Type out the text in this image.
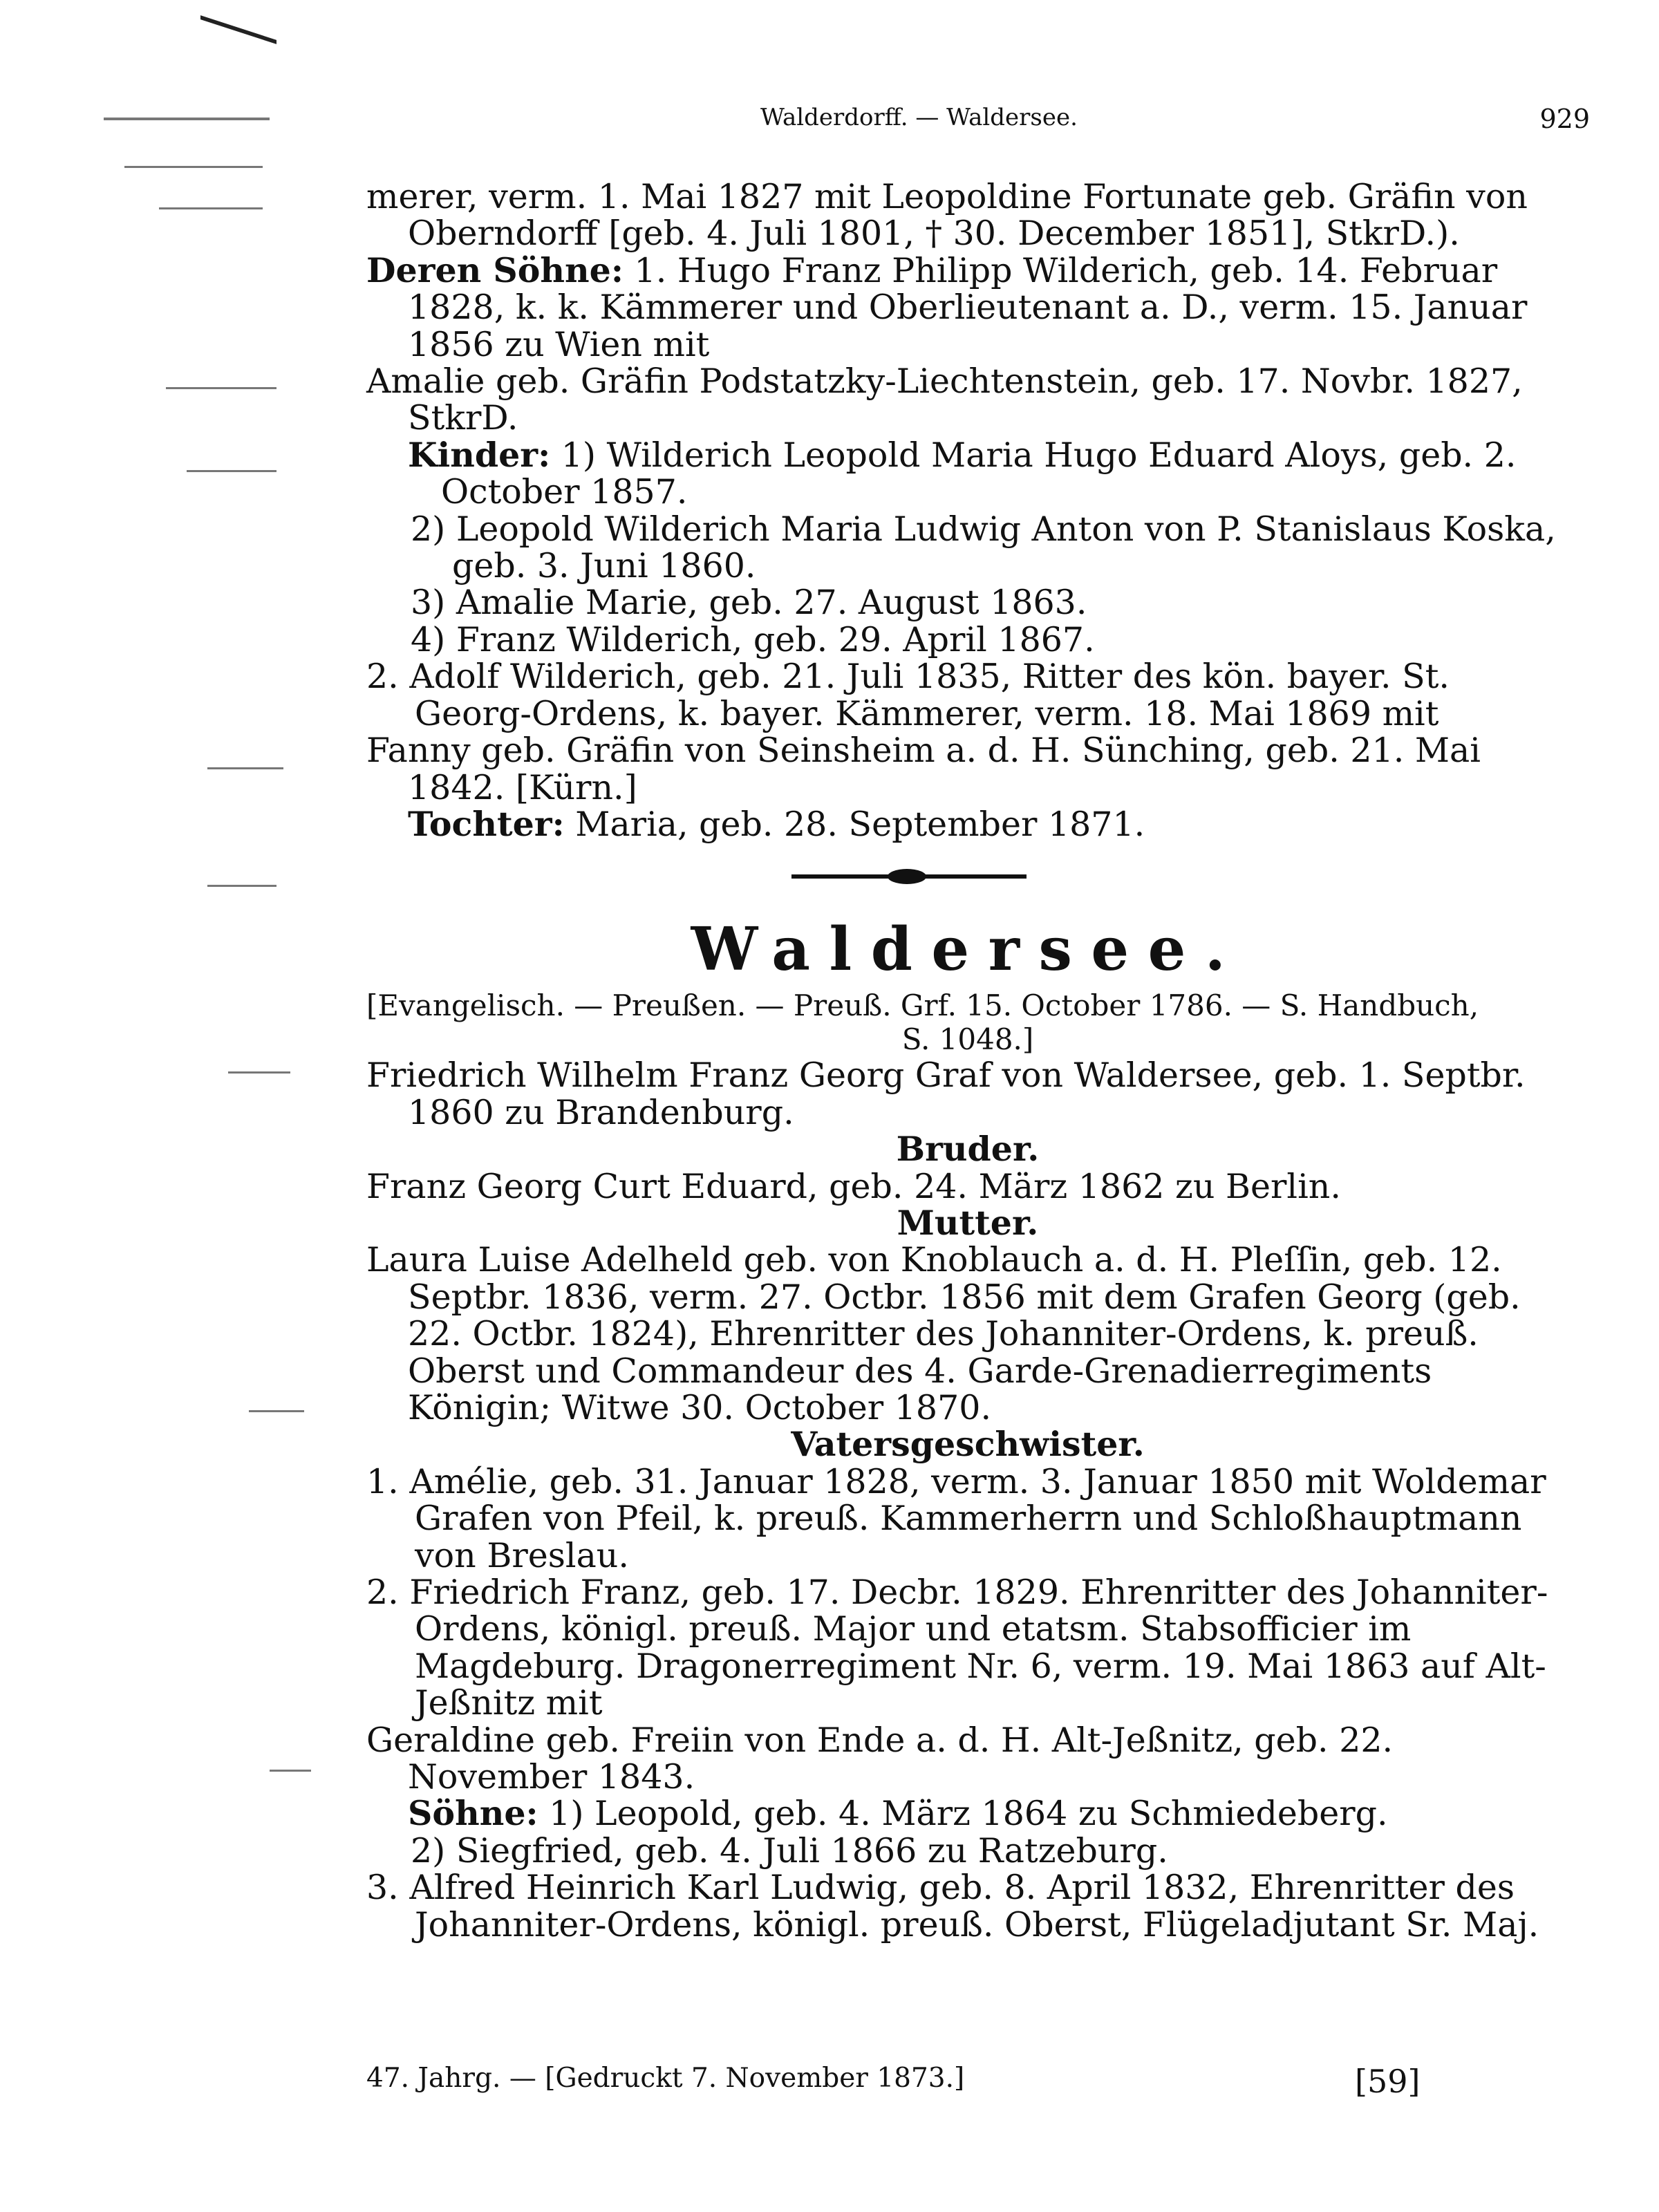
Walderdorff. — Waldersee.	929
merer, verm. 1. Mai 1827 mit Leopoldine Fortunate geb. Gräfin von Oberndorff [geb. 4. Juli 1801, † 30. December 1851], StkrD.).
Deren Söhne: 1. Hugo Franz Philipp Wilderich, geb. 14. Februar 1828, k. k. Kämmerer und Oberlieutenant a. D., verm. 15. Januar 1856 zu Wien mit
Amalie geb. Gräfin Podstatzky-Liechtenstein, geb. 17. Novbr. 1827, StkrD.
Kinder: 1) Wilderich Leopold Maria Hugo Eduard Aloys, geb. 2. October 1857.
2) Leopold Wilderich Maria Ludwig Anton von P. Stanislaus Koska, geb. 3. Juni 1860.
3) Amalie Marie, geb. 27. August 1863.
4) Franz Wilderich, geb. 29. April 1867.
2. Adolf Wilderich, geb. 21. Juli 1835, Ritter des kön. bayer. St. Georg-Ordens, k. bayer. Kämmerer, verm. 18. Mai 1869 mit
Fanny geb. Gräfin von Seinsheim a. d. H. Sünching, geb. 21. Mai 1842. [Kürn.]
Tochter: Maria, geb. 28. September 1871.
Waldersee.
[Evangelisch. — Preußen. — Preuß. Grf. 15. October 1786. — S. Handbuch,
S. 1048.]
Friedrich Wilhelm Franz Georg Graf von Waldersee, geb. 1. Septbr. 1860 zu Brandenburg.
Bruder.
Franz Georg Curt Eduard, geb. 24. März 1862 zu Berlin.
Mutter.
Laura Luise Adelheld geb. von Knoblauch a. d. H. Pleſſin, geb. 12. Septbr. 1836, verm. 27. Octbr. 1856 mit dem Grafen Georg (geb. 22. Octbr. 1824), Ehrenritter des Johanniter-Ordens, k. preuß. Oberst und Commandeur des 4. Garde-Grenadierregiments Königin; Witwe 30. October 1870.
Vatersgeschwister.
1. Amélie, geb. 31. Januar 1828, verm. 3. Januar 1850 mit Woldemar Grafen von Pfeil, k. preuß. Kammerherrn und Schloßhauptmann von Breslau.
2. Friedrich Franz, geb. 17. Decbr. 1829. Ehrenritter des Johanniter-Ordens, königl. preuß. Major und etatsm. Stabsofficier im Magdeburg. Dragonerregiment Nr. 6, verm. 19. Mai 1863 auf Alt-Jeßnitz mit
Geraldine geb. Freiin von Ende a. d. H. Alt-Jeßnitz, geb. 22. November 1843.
Söhne: 1) Leopold, geb. 4. März 1864 zu Schmiedeberg.
2) Siegfried, geb. 4. Juli 1866 zu Ratzeburg.
3. Alfred Heinrich Karl Ludwig, geb. 8. April 1832, Ehrenritter des Johanniter-Ordens, königl. preuß. Oberst, Flügeladjutant Sr. Maj.
47. Jahrg. — [Gedruckt 7. November 1873.]	[59]
